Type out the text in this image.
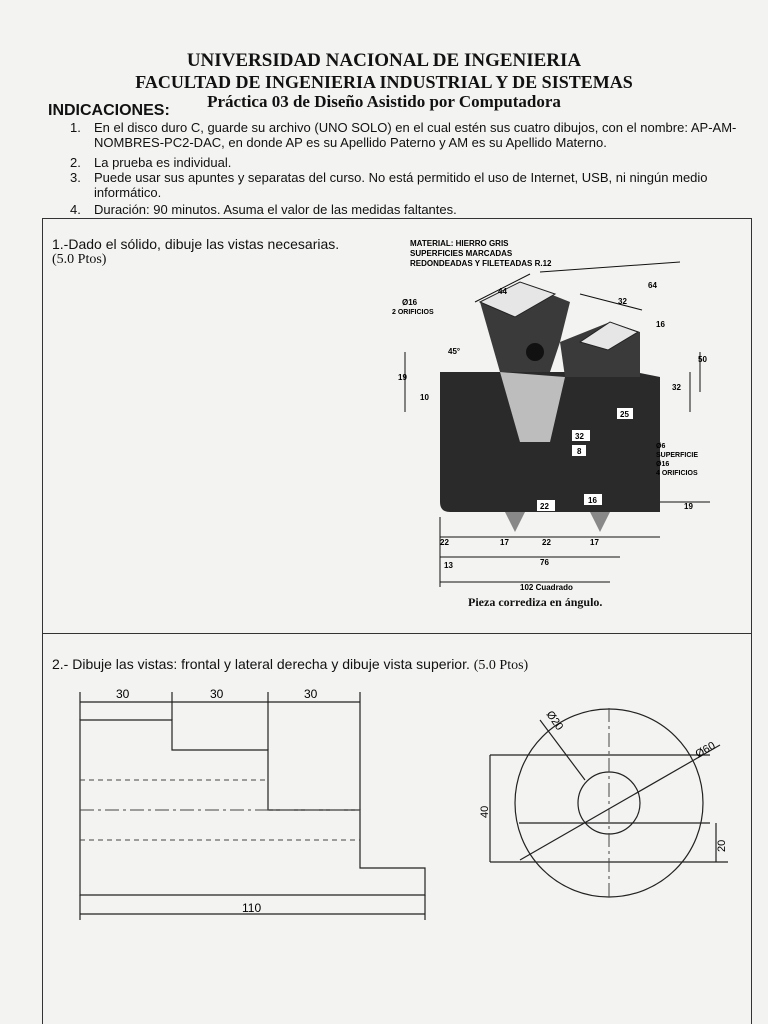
UNIVERSIDAD NACIONAL DE INGENIERIA
FACULTAD DE INGENIERIA INDUSTRIAL Y DE SISTEMAS
Práctica 03 de Diseño Asistido por Computadora
INDICACIONES:
1. En el disco duro C, guarde su archivo (UNO SOLO) en el cual estén sus cuatro dibujos, con el nombre: AP-AM-NOMBRES-PC2-DAC, en donde AP es su Apellido Paterno y AM es su Apellido Materno.
2. La prueba es individual.
3. Puede usar sus apuntes y separatas del curso. No está permitido el uso de Internet, USB, ni ningún medio informático.
4. Duración: 90 minutos. Asuma el valor de las medidas faltantes.
1.-Dado el sólido, dibuje las vistas necesarias.
(5.0 Ptos)
MATERIAL: HIERRO GRIS
SUPERFICIES MARCADAS
REDONDEADAS Y FILETEADAS R.12
Ø16
2 ORIFICIOS
44
64
32
16
50
32
19
10
45°
25
32
8
22
16
19
22	17	22	17
76
13
Ø6
SUPERFICIE
Ø16
4 ORIFICIOS
102 Cuadrado
Pieza corrediza en ángulo.
2.- Dibuje las vistas: frontal y lateral derecha y dibuje vista superior. (5.0 Ptos)
30	30	30
110
40
20
Ø20
Ø60
